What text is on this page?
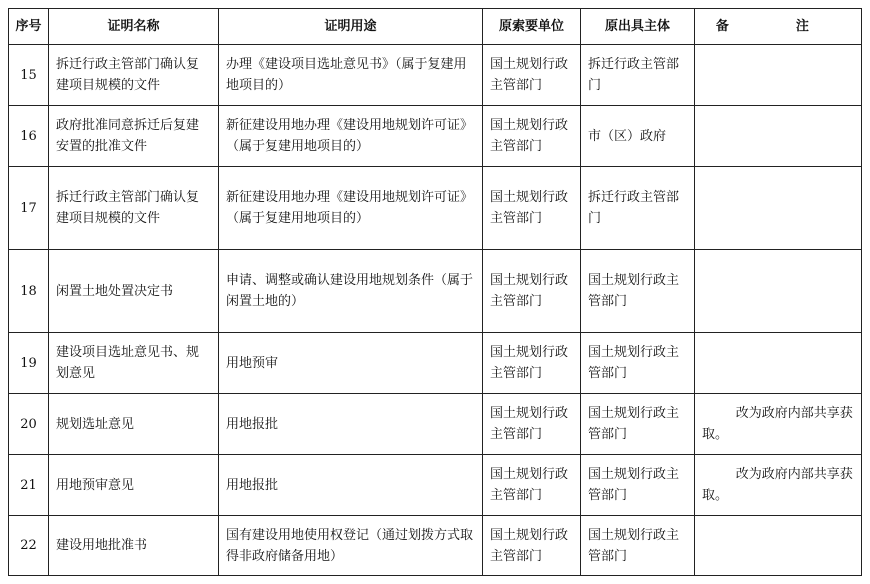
序号	证明名称	证明用途	原索要单位	原出具主体	备 注
15	拆迁行政主管部门确认复建项目规模的文件	办理《建设项目选址意见书》（属于复建用地项目的）	国土规划行政主管部门	拆迁行政主管部门	

16	政府批准同意拆迁后复建安置的批准文件	新征建设用地办理《建设用地规划许可证》（属于复建用地项目的）	国土规划行政主管部门	市（区）政府	

17	拆迁行政主管部门确认复建项目规模的文件	新征建设用地办理《建设用地规划许可证》（属于复建用地项目的）	国土规划行政主管部门	拆迁行政主管部门	

18	闲置土地处置决定书	申请、调整或确认建设用地规划条件（属于闲置土地的）	国土规划行政主管部门	国土规划行政主管部门	

19	建设项目选址意见书、规划意见	用地预审	国土规划行政主管部门	国土规划行政主管部门	

20	规划选址意见	用地报批	国土规划行政主管部门	国土规划行政主管部门	改为政府内部共享获取。

21	用地预审意见	用地报批	国土规划行政主管部门	国土规划行政主管部门	改为政府内部共享获取。

22	建设用地批准书	国有建设用地使用权登记（通过划拨方式取得非政府储备用地）	国土规划行政主管部门	国土规划行政主管部门	
